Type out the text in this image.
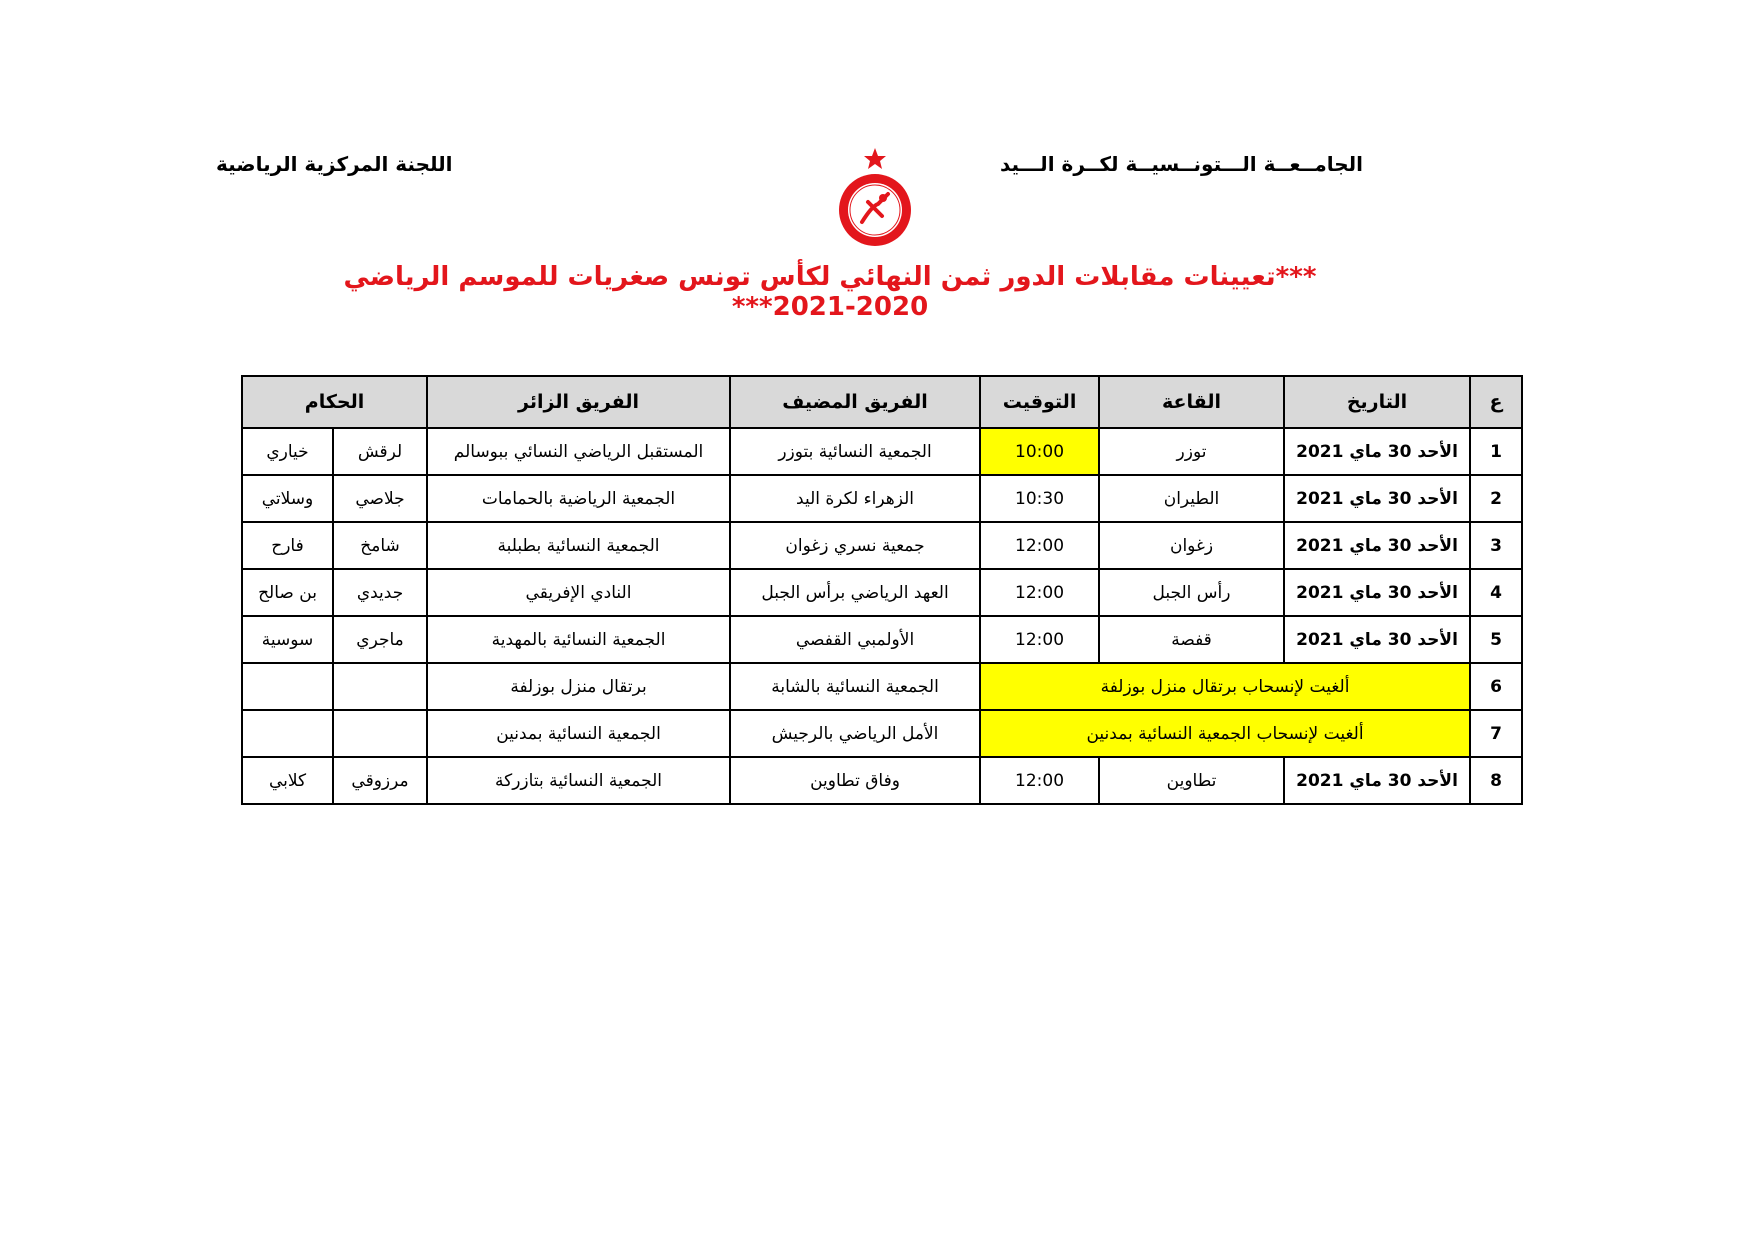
الجامــعــة الـــتونــسيــة لكــرة الـــيد
اللجنة المركزية الرياضية
***تعيينات مقابلات الدور ثمن النهائي لكأس تونس صغريات للموسم الرياضي 2020-2021***
ع	التاريخ	القاعة	التوقيت	الفريق المضيف	الفريق الزائر	الحكام	
1	الأحد 30 ماي 2021	توزر	10:00	الجمعية النسائية بتوزر	المستقبل الرياضي النسائي ببوسالم	لرقش	خياري
2	الأحد 30 ماي 2021	الطيران	10:30	الزهراء لكرة اليد	الجمعية الرياضية بالحمامات	جلاصي	وسلاتي
3	الأحد 30 ماي 2021	زغوان	12:00	جمعية نسري زغوان	الجمعية النسائية بطبلبة	شامخ	فارح
4	الأحد 30 ماي 2021	رأس الجبل	12:00	العهد الرياضي برأس الجبل	النادي الإفريقي	جديدي	بن صالح
5	الأحد 30 ماي 2021	قفصة	12:00	الأولمبي القفصي	الجمعية النسائية بالمهدية	ماجري	سوسية
6	ألغيت لإنسحاب برتقال منزل بوزلفة			الجمعية النسائية بالشابة	برتقال منزل بوزلفة		
7	ألغيت لإنسحاب الجمعية النسائية بمدنين			الأمل الرياضي بالرجيش	الجمعية النسائية بمدنين		
8	الأحد 30 ماي 2021	تطاوين	12:00	وفاق تطاوين	الجمعية النسائية بتازركة	مرزوقي	كلابي
